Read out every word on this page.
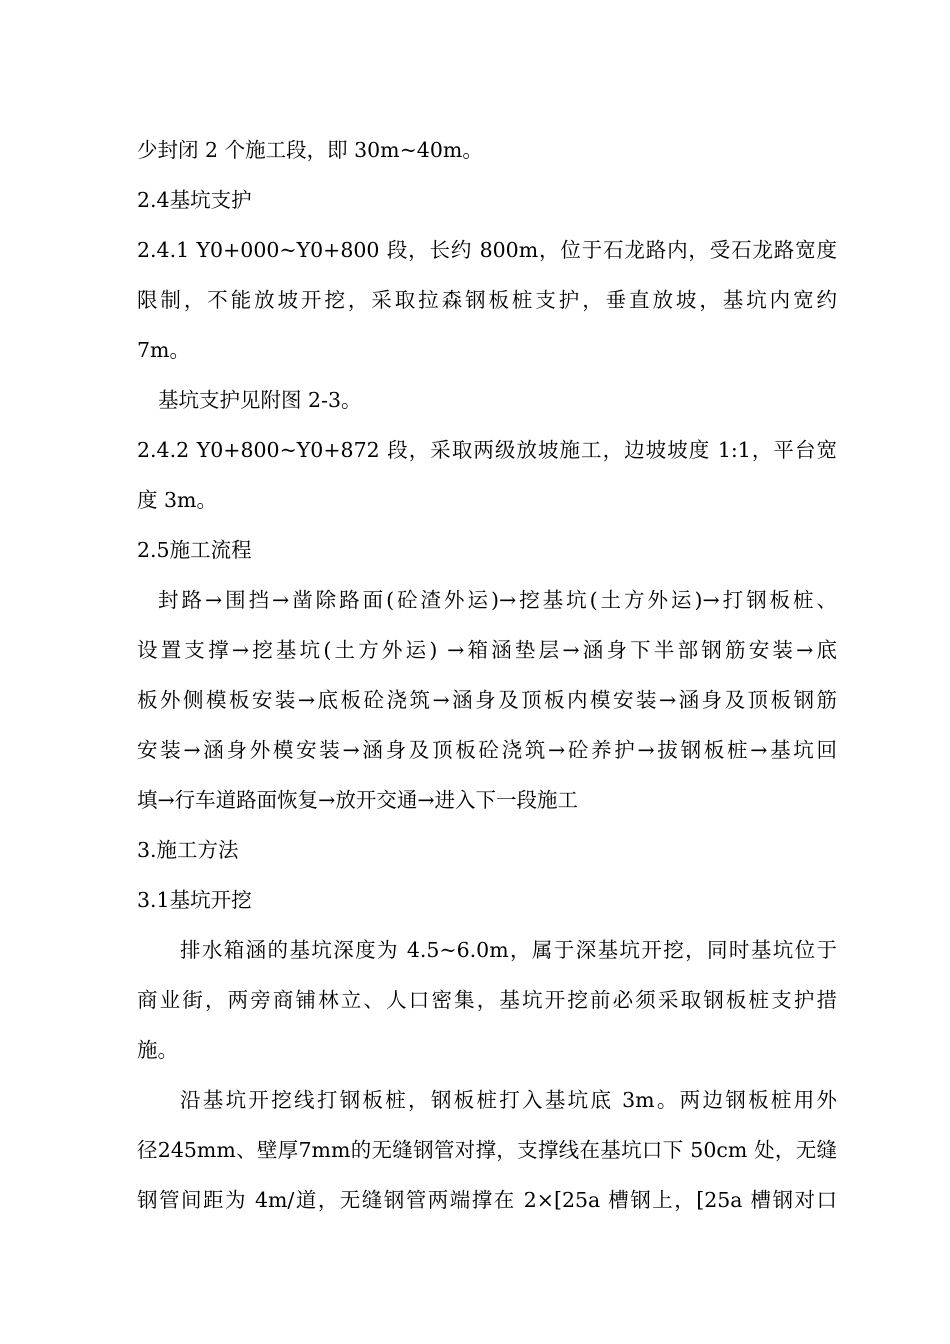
少封闭 2 个施工段，即 30m~40m。
2.4基坑支护
2.4.1 Y0+000~Y0+800 段，长约 800m，位于石龙路内，受石龙路宽度
限制，不能放坡开挖，采取拉森钢板桩支护，垂直放坡，基坑内宽约
7m。
基坑支护见附图 2-3。
2.4.2 Y0+800~Y0+872 段，采取两级放坡施工，边坡坡度 1:1，平台宽
度 3m。
2.5施工流程
封路→围挡→凿除路面(砼渣外运)→挖基坑(土方外运)→打钢板桩、
设置支撑→挖基坑(土方外运) →箱涵垫层→涵身下半部钢筋安装→底
板外侧模板安装→底板砼浇筑→涵身及顶板内模安装→涵身及顶板钢筋
安装→涵身外模安装→涵身及顶板砼浇筑→砼养护→拔钢板桩→基坑回
填→行车道路面恢复→放开交通→进入下一段施工
3.施工方法
3.1基坑开挖
排水箱涵的基坑深度为 4.5~6.0m，属于深基坑开挖，同时基坑位于
商业街，两旁商铺林立、人口密集，基坑开挖前必须采取钢板桩支护措
施。
沿基坑开挖线打钢板桩，钢板桩打入基坑底 3m。两边钢板桩用外
径245mm、壁厚7mm的无缝钢管对撑，支撑线在基坑口下 50cm 处，无缝
钢管间距为 4m/道，无缝钢管两端撑在 2×[25a 槽钢上，[25a 槽钢对口
